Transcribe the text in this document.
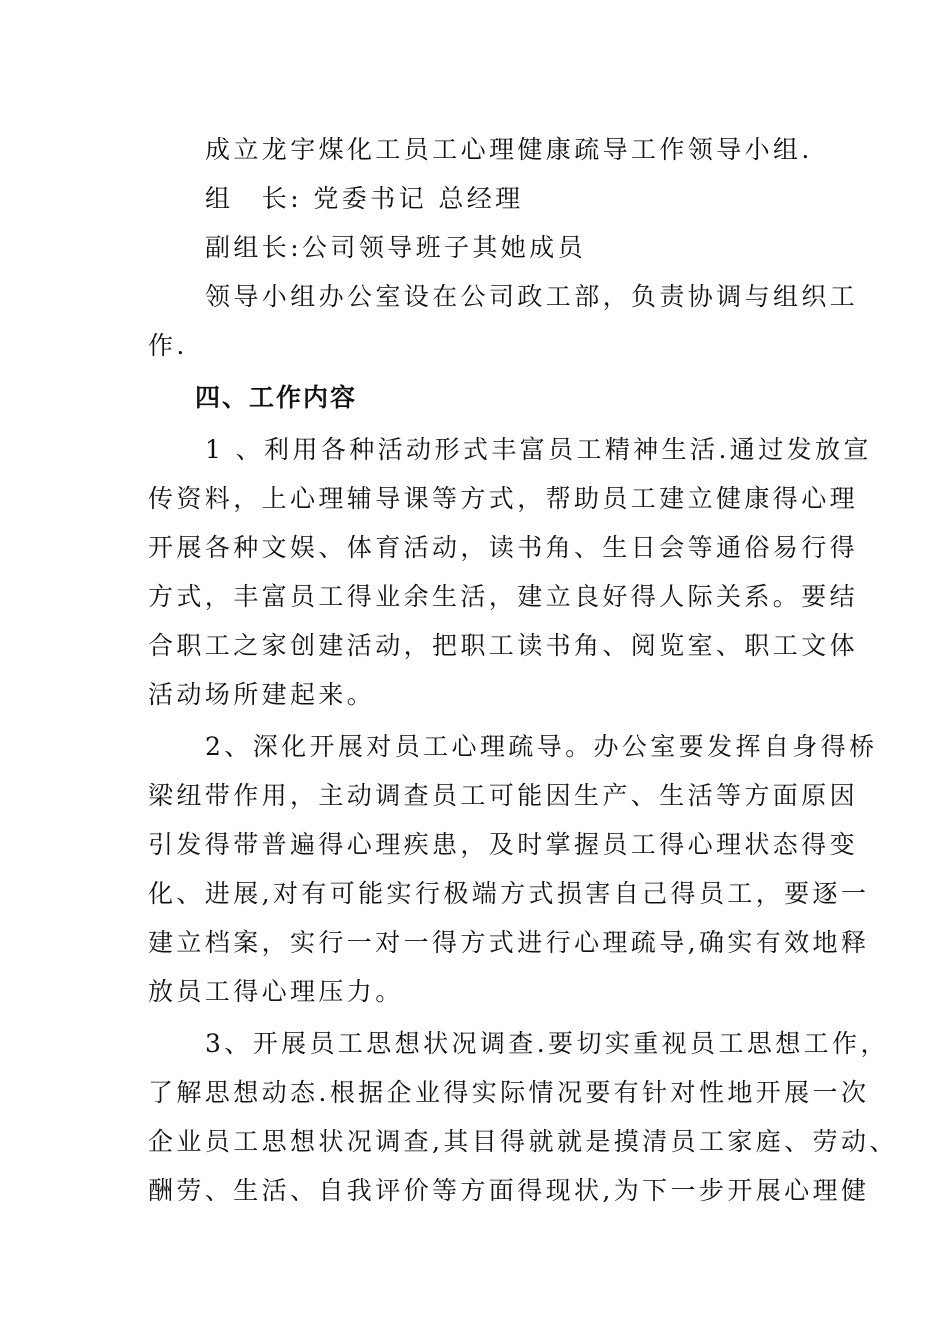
成立龙宇煤化工员工心理健康疏导工作领导小组.
组　长: 党委书记 总经理
副组长:公司领导班子其她成员
领导小组办公室设在公司政工部，负责协调与组织工
作.
四、工作内容
1 、利用各种活动形式丰富员工精神生活.通过发放宣
传资料，上心理辅导课等方式，帮助员工建立健康得心理
开展各种文娱、体育活动，读书角、生日会等通俗易行得
方式，丰富员工得业余生活，建立良好得人际关系。要结
合职工之家创建活动，把职工读书角、阅览室、职工文体
活动场所建起来。
2、深化开展对员工心理疏导。办公室要发挥自身得桥
梁纽带作用，主动调查员工可能因生产、生活等方面原因
引发得带普遍得心理疾患，及时掌握员工得心理状态得变
化、进展,对有可能实行极端方式损害自己得员工，要逐一
建立档案，实行一对一得方式进行心理疏导,确实有效地释
放员工得心理压力。
3、开展员工思想状况调查.要切实重视员工思想工作，
了解思想动态.根据企业得实际情况要有针对性地开展一次
企业员工思想状况调查,其目得就就是摸清员工家庭、劳动、
酬劳、生活、自我评价等方面得现状,为下一步开展心理健
